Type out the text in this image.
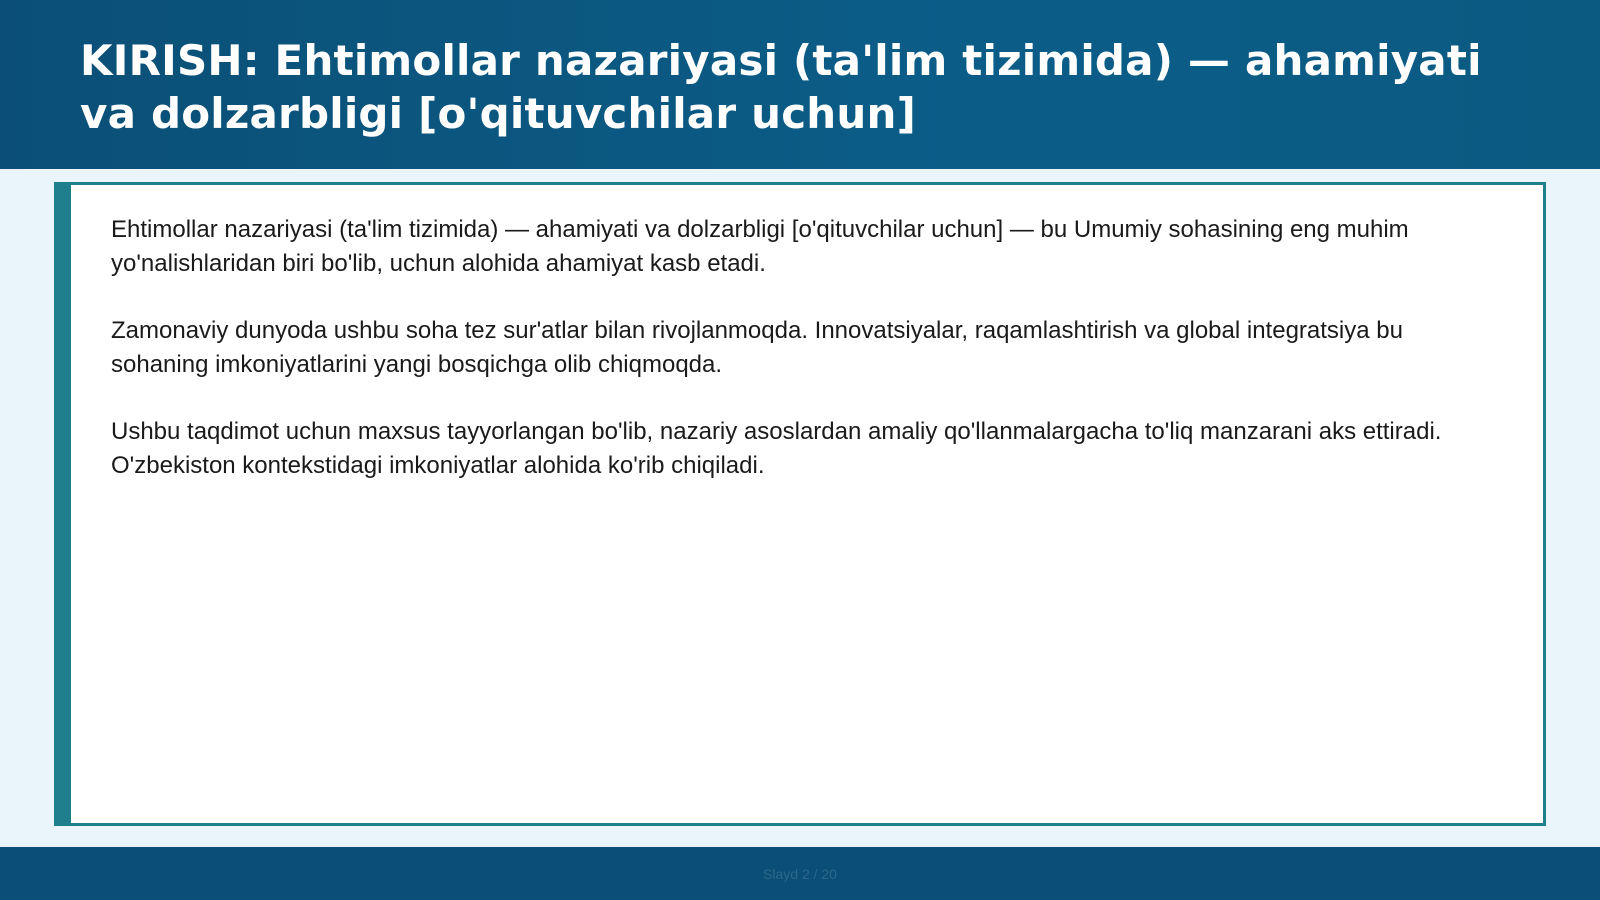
KIRISH: Ehtimollar nazariyasi (ta'lim tizimida) — ahamiyati va dolzarbligi [o'qituvchilar uchun]

Ehtimollar nazariyasi (ta'lim tizimida) — ahamiyati va dolzarbligi [o'qituvchilar uchun] — bu Umumiy sohasining eng muhim yo'nalishlaridan biri bo'lib, uchun alohida ahamiyat kasb etadi.

Zamonaviy dunyoda ushbu soha tez sur'atlar bilan rivojlanmoqda. Innovatsiyalar, raqamlashtirish va global integratsiya bu sohaning imkoniyatlarini yangi bosqichga olib chiqmoqda.

Ushbu taqdimot uchun maxsus tayyorlangan bo'lib, nazariy asoslardan amaliy qo'llanmalargacha to'liq manzarani aks ettiradi. O'zbekiston kontekstidagi imkoniyatlar alohida ko'rib chiqiladi.

Slayd 2 / 20
